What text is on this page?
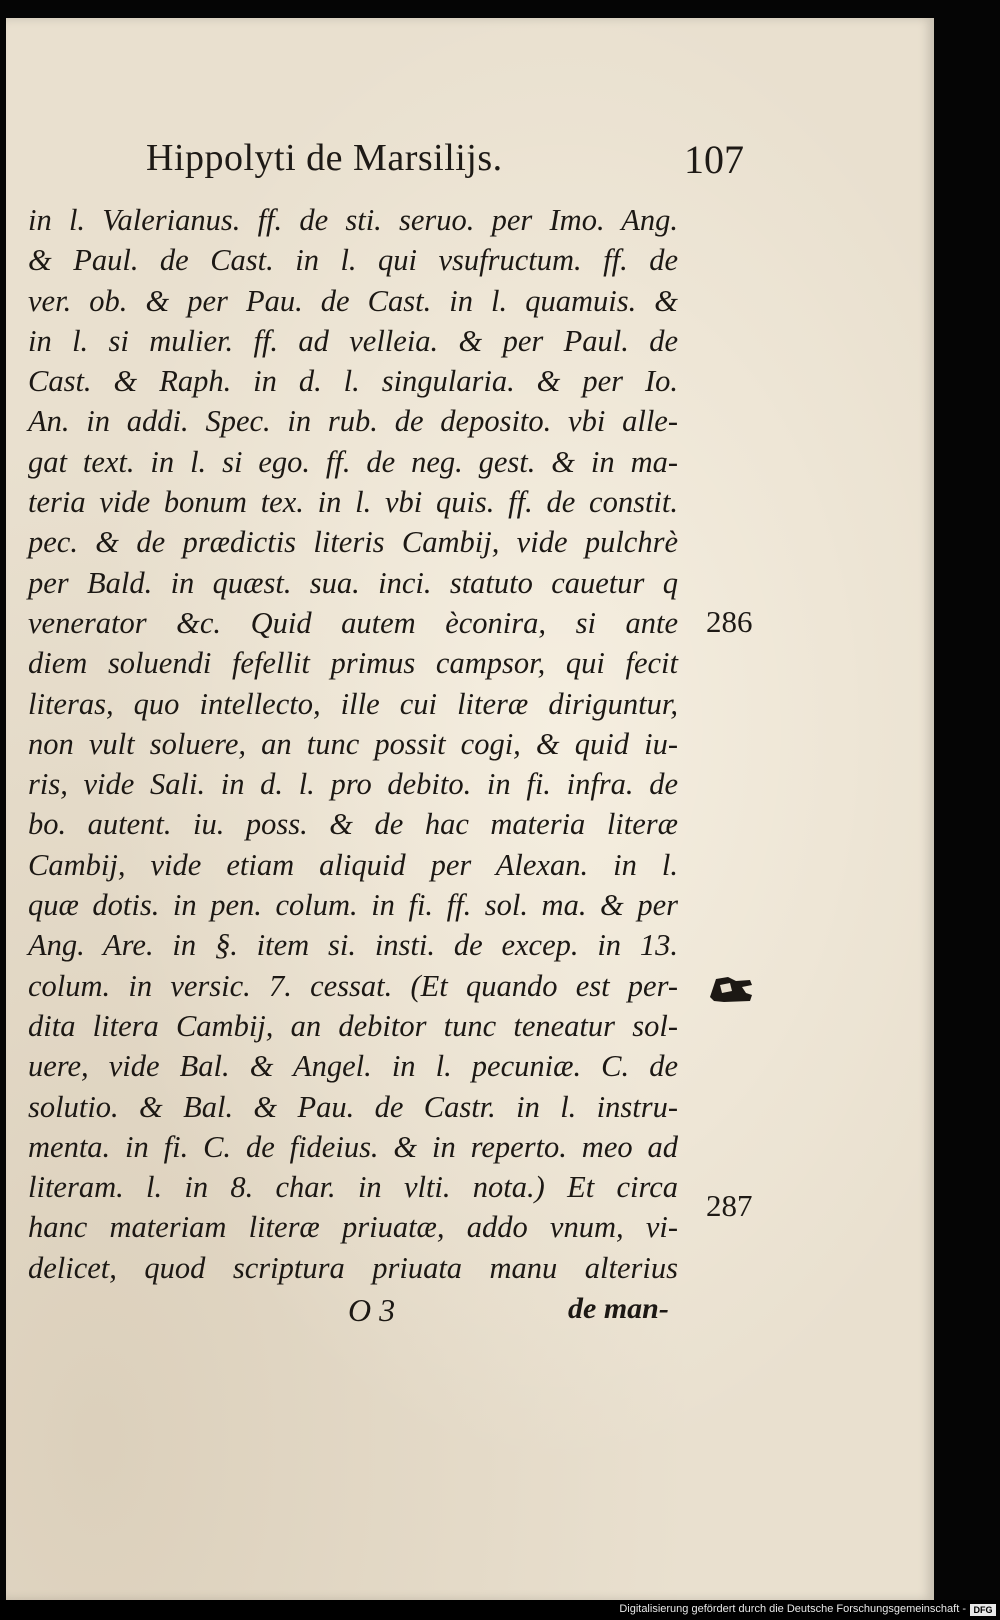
Hippolyti de Marsilijs.	107
in l. Valerianus. ff. de sti. seruo. per Imo. Ang.
& Paul. de Cast. in l. qui vsufructum. ff. de
ver. ob. & per Pau. de Cast. in l. quamuis. &
in l. si mulier. ff. ad velleia. & per Paul. de
Cast. & Raph. in d. l. singularia. & per Io.
An. in addi. Spec. in rub. de deposito. vbi alle-
gat text. in l. si ego. ff. de neg. gest. & in ma-
teria vide bonum tex. in l. vbi quis. ff. de constit.
pec. & de prædictis literis Cambij, vide pulchrè
per Bald. in quæst. sua. inci. statuto cauetur q
venerator &c. Quid autem èconira, si ante
diem soluendi fefellit primus campsor, qui fecit
literas, quo intellecto, ille cui literæ diriguntur,
non vult soluere, an tunc possit cogi, & quid iu-
ris, vide Sali. in d. l. pro debito. in fi. infra. de
bo. autent. iu. poss. & de hac materia literæ
Cambij, vide etiam aliquid per Alexan. in l.
quæ dotis. in pen. colum. in fi. ff. sol. ma. & per
Ang. Are. in §. item si. insti. de excep. in 13.
colum. in versic. 7. cessat. (Et quando est per-
dita litera Cambij, an debitor tunc teneatur sol-
uere, vide Bal. & Angel. in l. pecuniæ. C. de
solutio. & Bal. & Pau. de Castr. in l. instru-
menta. in fi. C. de fideius. & in reperto. meo ad
literam. l. in 8. char. in vlti. nota.) Et circa
hanc materiam literæ priuatæ, addo vnum, vi-
delicet, quod scriptura priuata manu alterius
286
287
O 3	de man-
Digitalisierung gefördert durch die Deutsche Forschungsgemeinschaft - DFG
